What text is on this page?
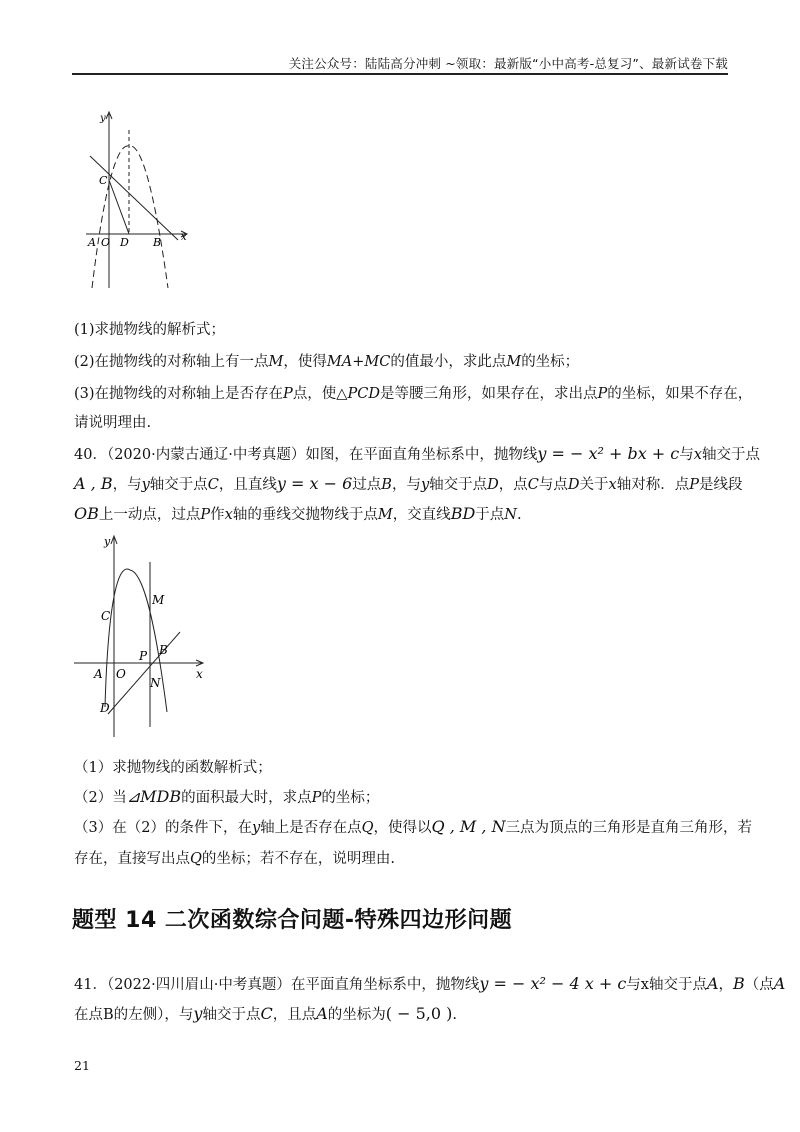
关注公众号：陆陆高分冲刺 ~领取：最新版“小中高考-总复习”、最新试卷下载
y
x
C
A O D B
(1)求抛物线的解析式；
(2)在抛物线的对称轴上有一点M，使得MA+MC的值最小，求此点M的坐标；
(3)在抛物线的对称轴上是否存在P点，使△PCD是等腰三角形，如果存在，求出点P的坐标，如果不存在，
请说明理由.
40．（2020·内蒙古通辽·中考真题）如图，在平面直角坐标系中，抛物线y = − x² + bx + c与x轴交于点
A , B，与y轴交于点C，且直线y = x − 6过点B，与y轴交于点D，点C与点D关于x轴对称．点P是线段
OB上一动点，过点P作x轴的垂线交抛物线于点M，交直线BD于点N.
y
x
C
M
P B
A O
N
D
（1）求抛物线的函数解析式；
（2）当⊿MDB的面积最大时，求点P的坐标；
（3）在（2）的条件下，在y轴上是否存在点Q，使得以Q , M , N三点为顶点的三角形是直角三角形，若
存在，直接写出点Q的坐标；若不存在，说明理由.
题型 14 二次函数综合问题-特殊四边形问题
41．（2022·四川眉山·中考真题）在平面直角坐标系中，抛物线y = − x² − 4 x + c与x轴交于点A，B（点A
在点B的左侧），与y轴交于点C，且点A的坐标为( − 5,0 ).
21
